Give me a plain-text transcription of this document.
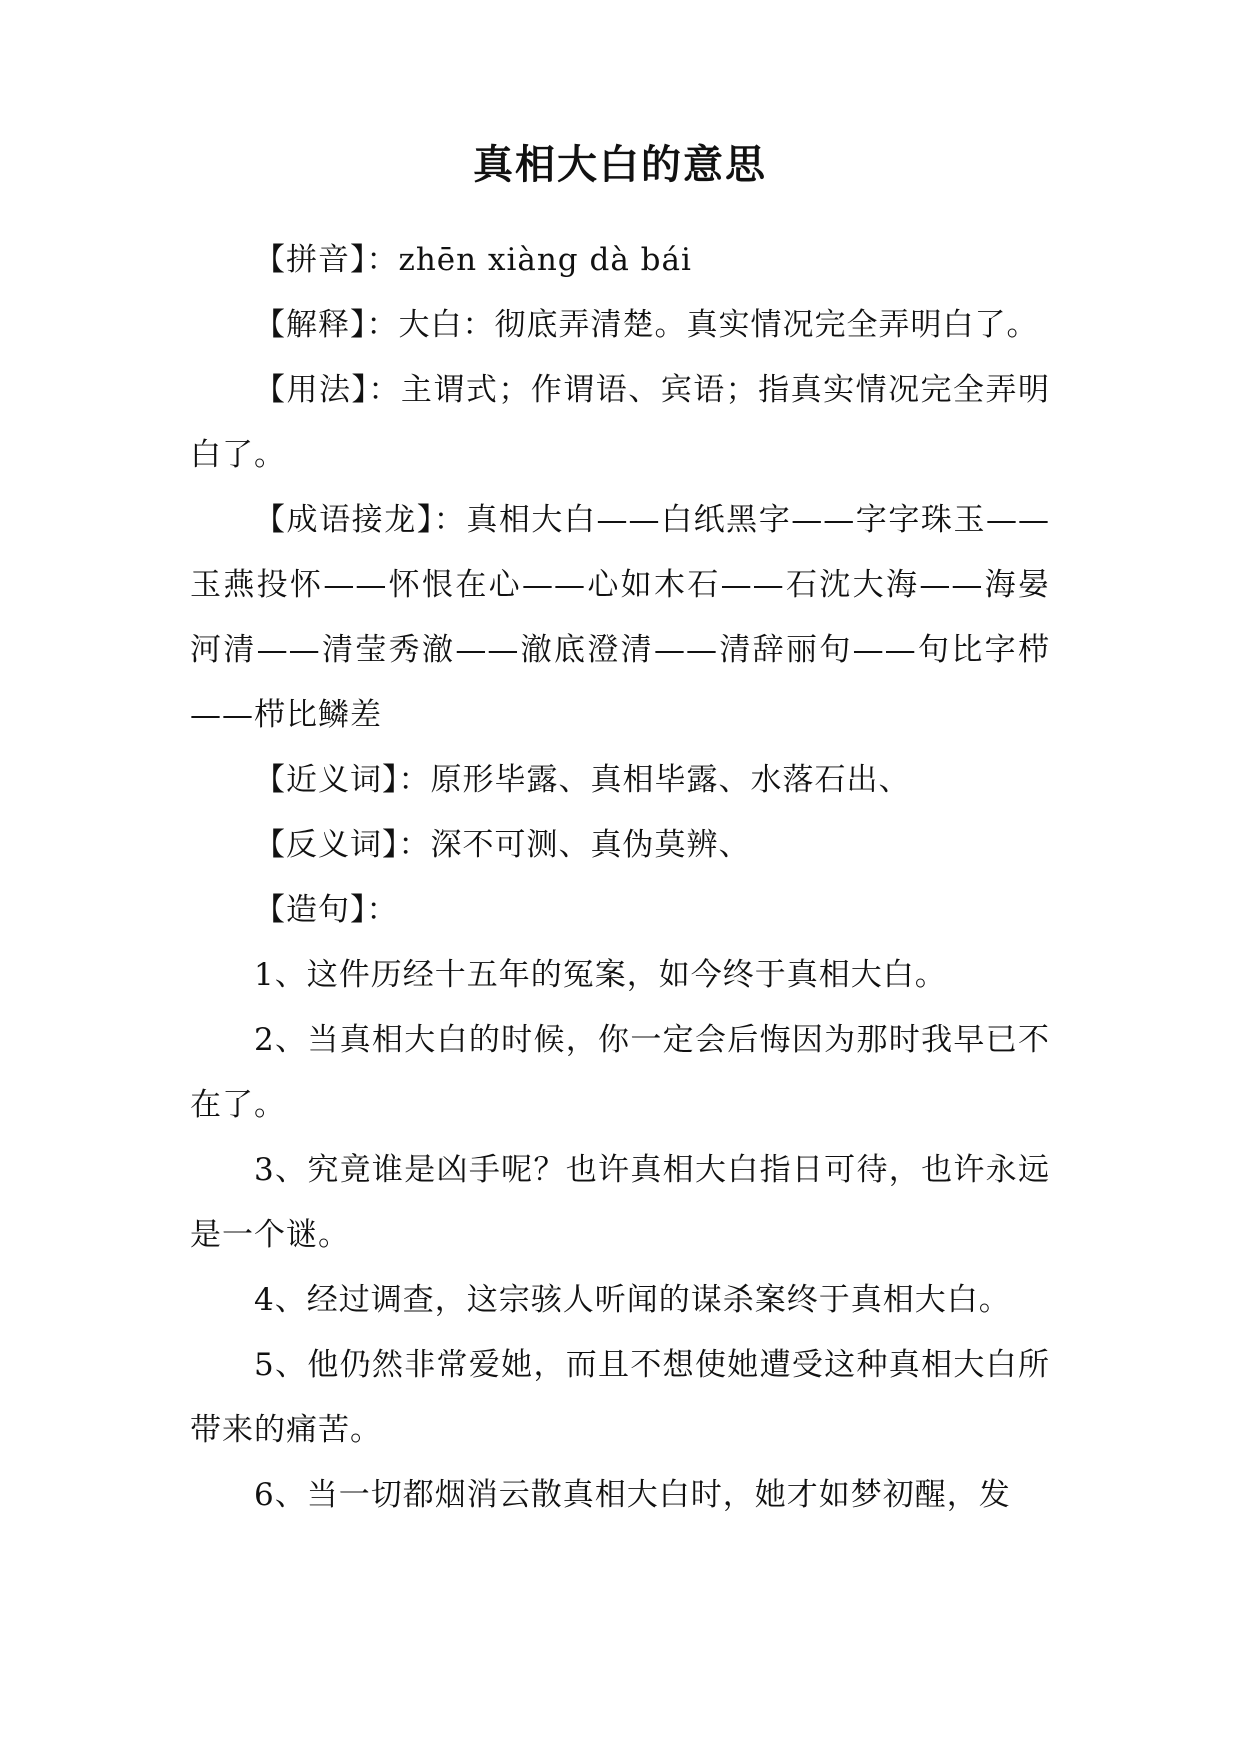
真相大白的意思

【拼音】：zhēn xiàng dà bái

【解释】：大白：彻底弄清楚。真实情况完全弄明白了。

【用法】：主谓式；作谓语、宾语；指真实情况完全弄明白了。

【成语接龙】：真相大白——白纸黑字——字字珠玉——玉燕投怀——怀恨在心——心如木石——石沈大海——海晏河清——清莹秀澈——澈底澄清——清辞丽句——句比字栉——栉比鳞差

【近义词】：原形毕露、真相毕露、水落石出、

【反义词】：深不可测、真伪莫辨、

【造句】：

1、这件历经十五年的冤案，如今终于真相大白。

2、当真相大白的时候，你一定会后悔因为那时我早已不在了。

3、究竟谁是凶手呢？也许真相大白指日可待，也许永远是一个谜。

4、经过调查，这宗骇人听闻的谋杀案终于真相大白。

5、他仍然非常爱她，而且不想使她遭受这种真相大白所带来的痛苦。

6、当一切都烟消云散真相大白时，她才如梦初醒，发
